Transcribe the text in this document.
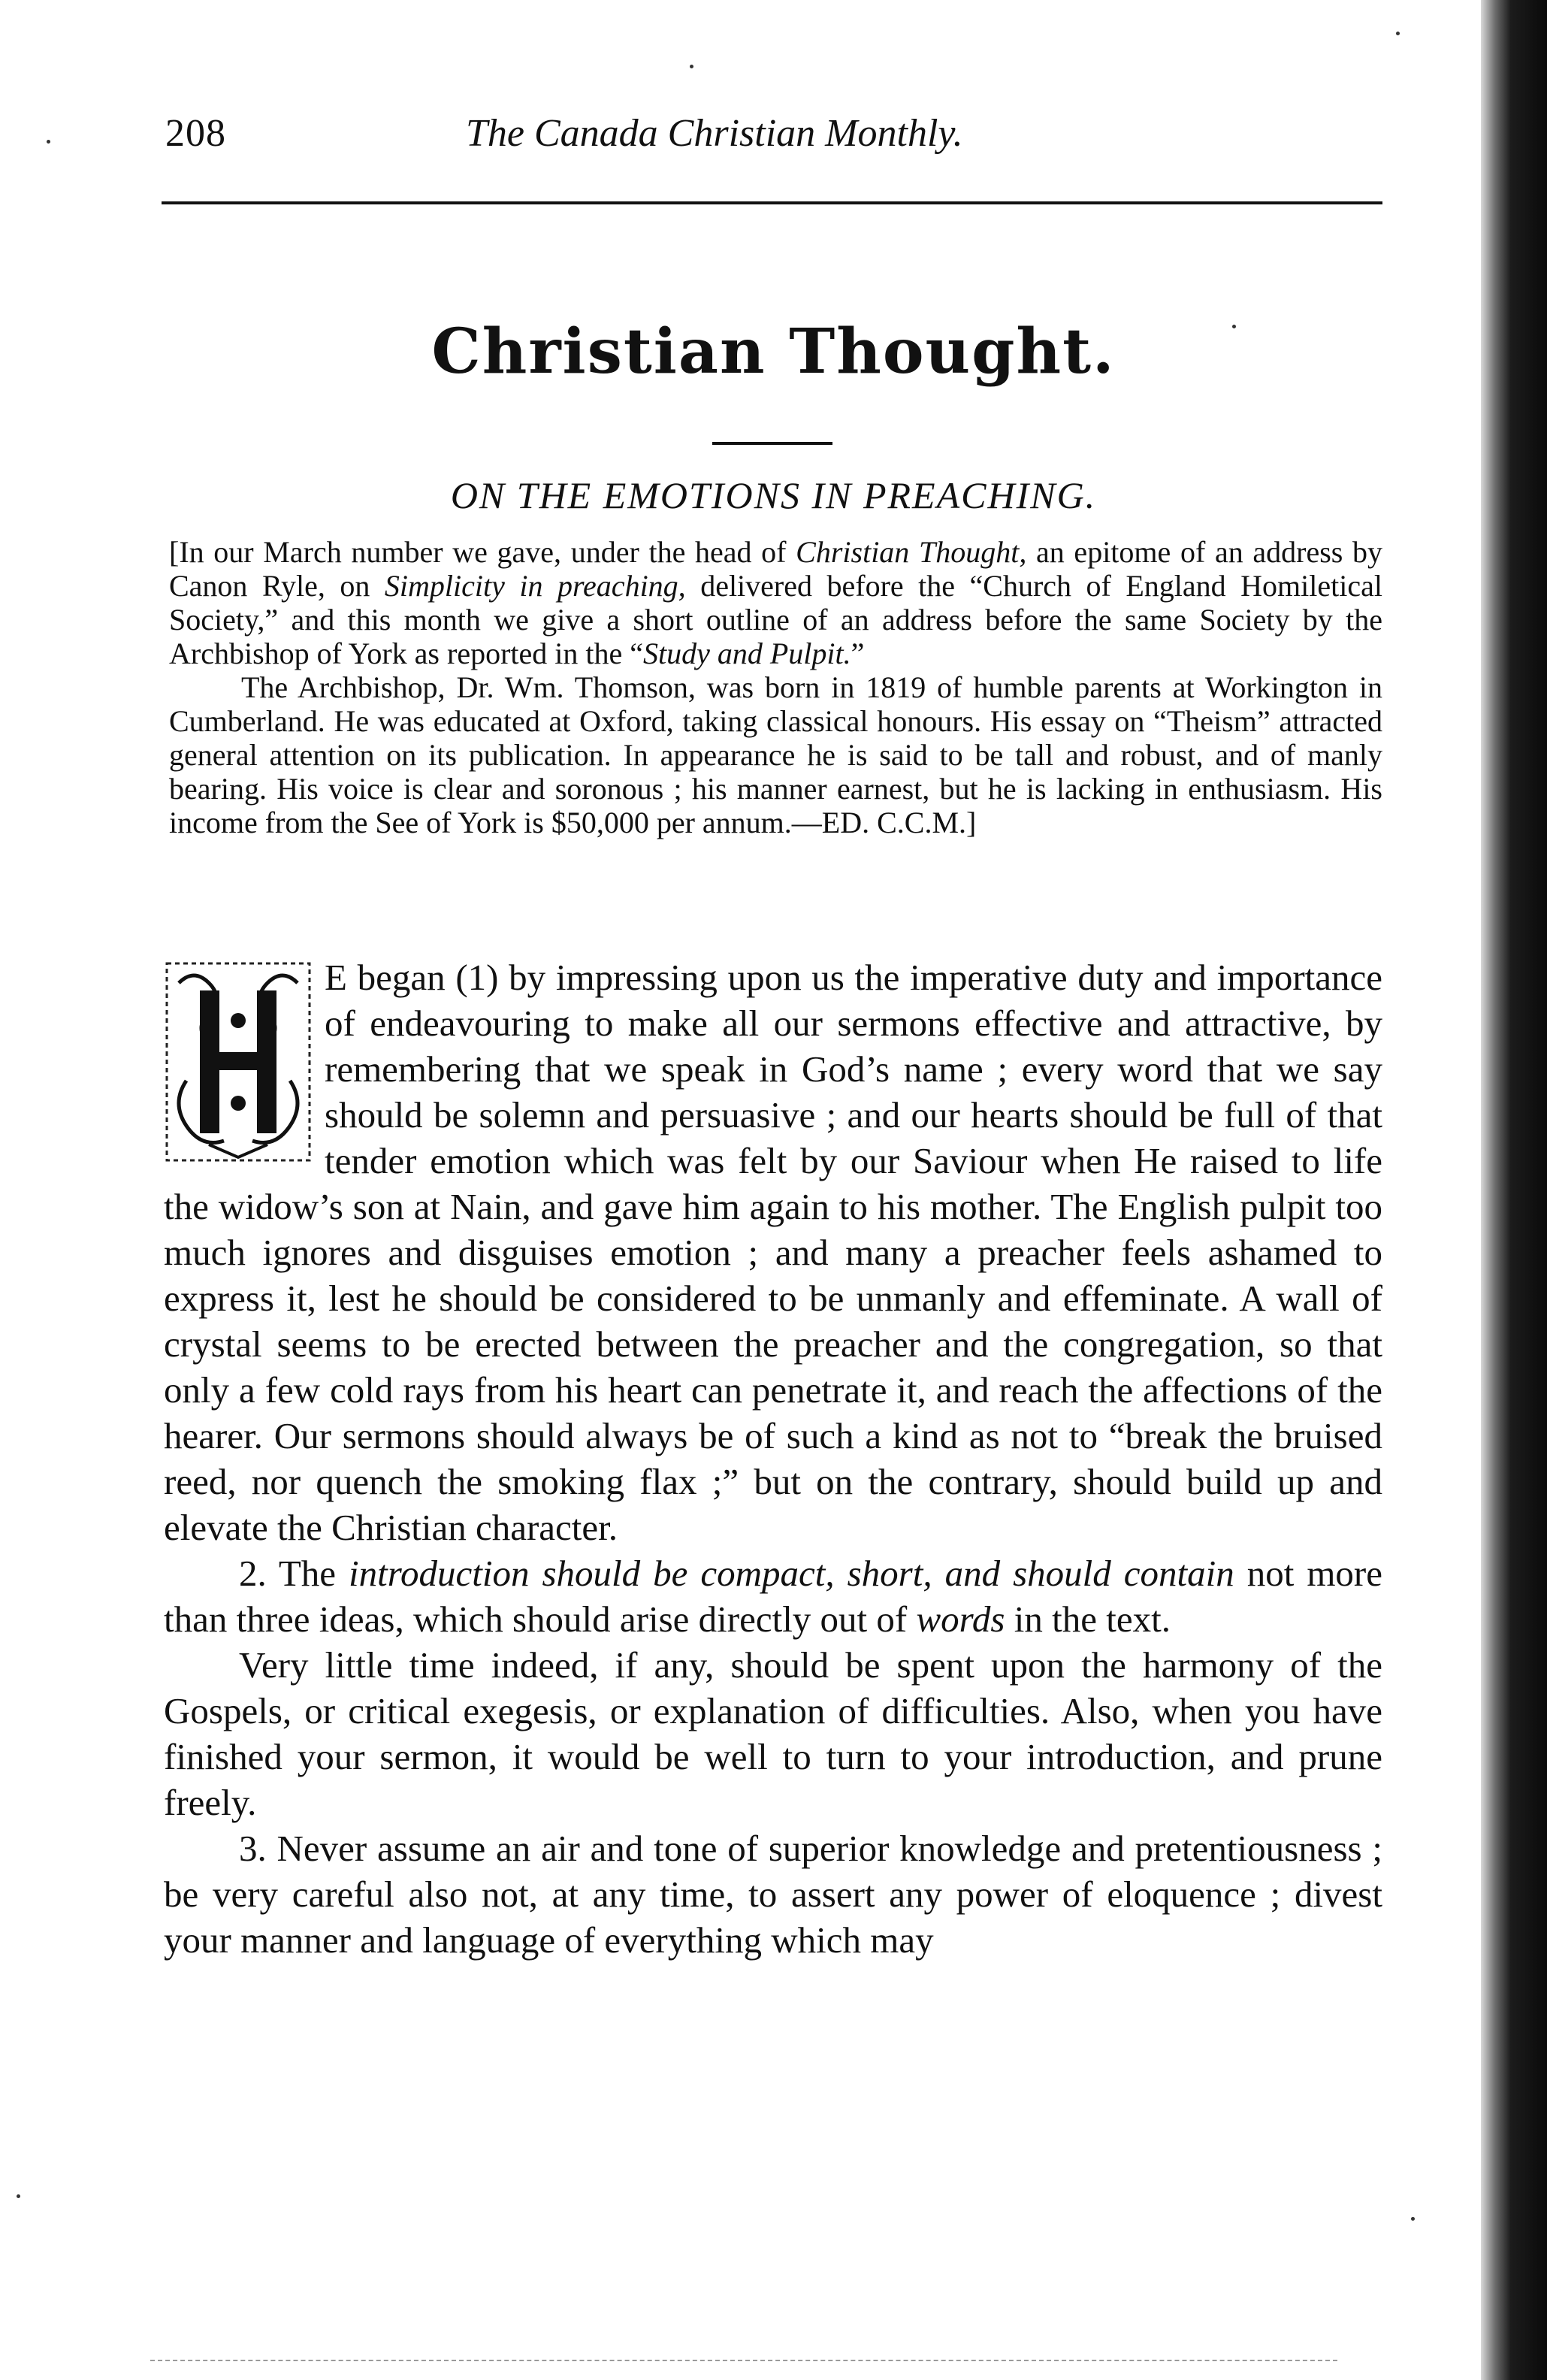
208	The Canada Christian Monthly.
Christian Thought.
ON THE EMOTIONS IN PREACHING.

[In our March number we gave, under the head of Christian Thought, an epitome of an address by Canon Ryle, on Simplicity in preaching, delivered before the “Church of England Homiletical Society,” and this month we give a short outline of an address before the same Society by the Archbishop of York as reported in the “Study and Pulpit.”

The Archbishop, Dr. Wm. Thomson, was born in 1819 of humble parents at Workington in Cumberland. He was educated at Oxford, taking classical honours. His essay on “Theism” attracted general attention on its publication. In appearance he is said to be tall and robust, and of manly bearing. His voice is clear and soronous ; his manner earnest, but he is lacking in enthusiasm. His income from the See of York is $50,000 per annum.—ED. C.C.M.]

E began (1) by impressing upon us the imperative duty and importance of endeavouring to make all our sermons effective and attractive, by remembering that we speak in God’s name ; every word that we say should be solemn and persuasive ; and our hearts should be full of that tender emotion which was felt by our Saviour when He raised to life the widow’s son at Nain, and gave him again to his mother. The English pulpit too much ignores and disguises emotion ; and many a preacher feels ashamed to express it, lest he should be considered to be unmanly and effeminate. A wall of crystal seems to be erected between the preacher and the congregation, so that only a few cold rays from his heart can penetrate it, and reach the affections of the hearer. Our sermons should always be of such a kind as not to “break the bruised reed, nor quench the smoking flax ;” but on the contrary, should build up and elevate the Christian character.

2. The introduction should be compact, short, and should contain not more than three ideas, which should arise directly out of words in the text.

Very little time indeed, if any, should be spent upon the harmony of the Gospels, or critical exegesis, or explanation of difficulties. Also, when you have finished your sermon, it would be well to turn to your introduction, and prune freely.

3. Never assume an air and tone of superior knowledge and pretentiousness ; be very careful also not, at any time, to assert any power of eloquence ; divest your manner and language of everything which may
